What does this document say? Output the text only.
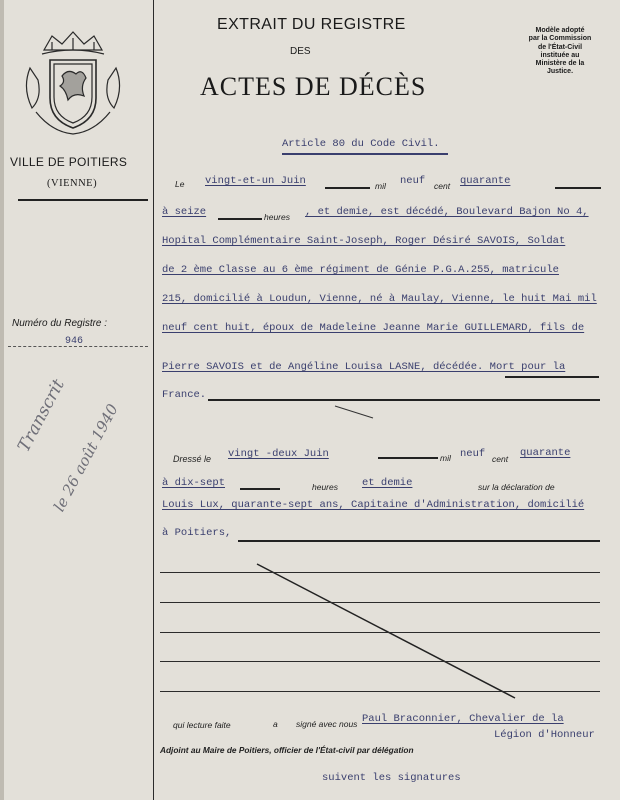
VILLE DE POITIERS
(VIENNE)
Numéro du Registre :
946
Transcrit
le 26 août 1940
EXTRAIT DU REGISTRE
DES
ACTES DE DÉCÈS
Modèle adopté
par la Commission
de l'État-Civil
instituée au
Ministère de la
Justice.
Article 80 du Code Civil.
Le vingt-et-un Juin	mil neuf cent quarante
à seize	heures , et demie, est décédé, Boulevard Bajon No 4,
Hopital Complémentaire Saint-Joseph, Roger Désiré SAVOIS, Soldat
de 2 ème Classe au 6 ème régiment de Génie P.G.A.255, matricule
215, domicilié à Loudun, Vienne, né à Maulay, Vienne, le huit Mai mil
neuf cent huit, époux de Madeleine Jeanne Marie GUILLEMARD, fils de
Pierre SAVOIS et de Angéline Louisa LASNE, décédée. Mort pour la
France.
Dressé le vingt -deux Juin	mil neuf cent quarante
à dix-sept	heures et demie	sur la déclaration de
Louis Lux, quarante-sept ans, Capitaine d'Administration, domicilié
à Poitiers,
qui lecture faite	a signé avec nous Paul Braconnier, Chevalier de la
Légion d'Honneur
Adjoint au Maire de Poitiers, officier de l'État-civil par délégation
suivent les signatures
